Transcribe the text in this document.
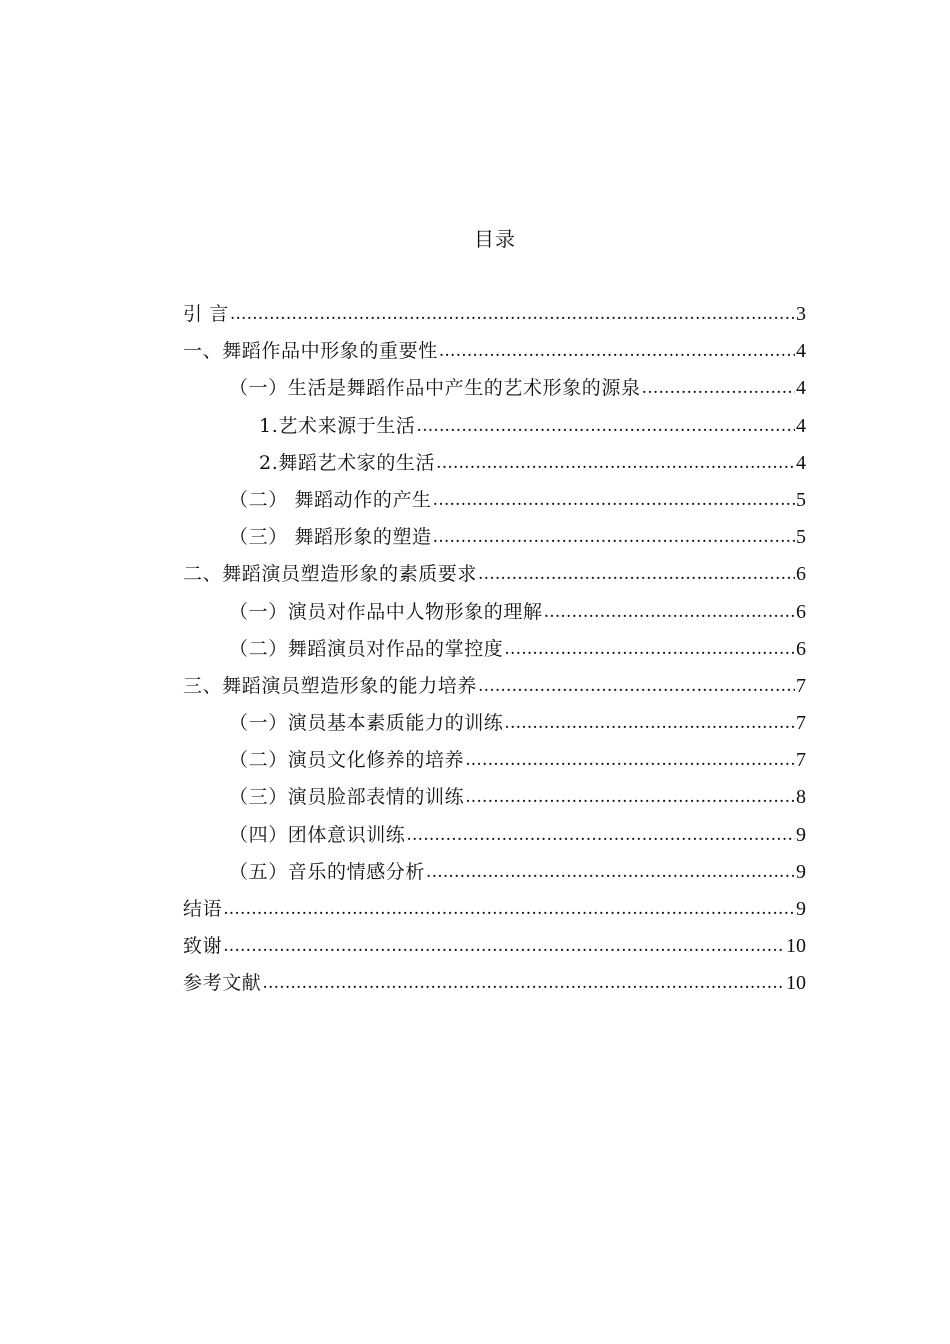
目录
引 言 .....	3
一、舞蹈作品中形象的重要性 .....	4
（一）生活是舞蹈作品中产生的艺术形象的源泉 .....	4
1.艺术来源于生活 .....	4
2.舞蹈艺术家的生活 .....	4
（二） 舞蹈动作的产生 .....	5
（三） 舞蹈形象的塑造 .....	5
二、舞蹈演员塑造形象的素质要求 .....	6
（一）演员对作品中人物形象的理解 .....	6
（二）舞蹈演员对作品的掌控度 .....	6
三、舞蹈演员塑造形象的能力培养 .....	7
（一）演员基本素质能力的训练 .....	7
（二）演员文化修养的培养 .....	7
（三）演员脸部表情的训练 .....	8
（四）团体意识训练 .....	9
（五）音乐的情感分析 .....	9
结语 .....	9
致谢 .....	10
参考文献 .....	10
